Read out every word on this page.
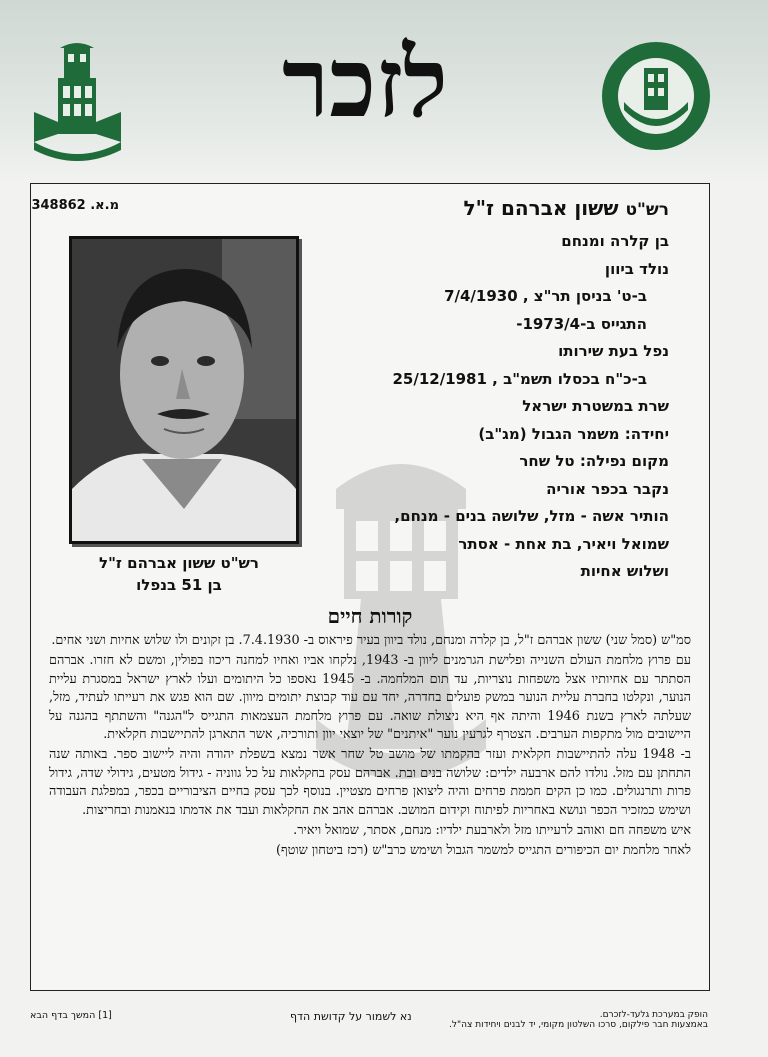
לזכר
מ.א. 348862	רש"ט ששון אברהם ז"ל
בן קלרה ומנחם
נולד ביוון
ב-ט' בניסן תר"צ , 7/4/1930
התגייס ב-1973/4-
נפל בעת שירותו
ב-כ"ח בכסלו תשמ"ב , 25/12/1981
שרת במשטרת ישראל
יחידה: משמר הגבול (מג"ב)
מקום נפילה: טל שחר
נקבר בכפר אוריה
הותיר אשה - מזל, שלושה בנים - מנחם,
שמואל ויאיר, בת אחת - אסתר
ושלוש אחיות
רש"ט ששון אברהם ז"ל
בן 51 בנפלו
קורות חיים

סמ"ש (סמל שני) ששון אברהם ז"ל, בן קלרה ומנחם, נולד ביוון בעיר פיראוס ב- 7.4.1930. בן זקונים ולו שלוש אחיות ושני אחים.

עם פרוץ מלחמת העולם השנייה ופלישת הגרמנים ליוון ב- 1943, נלקחו אביו ואחיו למחנה ריכוז בפולין, ומשם לא חזרו. אברהם הסתתר עם אחיותיו אצל משפחות נוצריות, עד תום המלחמה. ב- 1945 נאספו כל היתומים ועלו לארץ ישראל במסגרת עליית הנוער, ונקלטו בחברת עליית הנוער במשק פועלים בחדרה, יחד עם עוד קבוצת יתומים מיוון. שם הוא פגש את רעייתו לעתיד, מזל, שעלתה לארץ בשנת 1946 והיתה אף היא ניצולת שואה. עם פרוץ מלחמת העצמאות התגייס ל"הגנה" והשתתף בהגנה על היישובים מול מתקפות הערבים. הצטרף לגרעין נוער "איתנים" של יוצאי יוון ותורכיה, אשר התארגן להתיישבות חקלאית.

ב- 1948 עלה להתיישבות חקלאית ועזר בהקמתו של מושב טל שחר אשר נמצא בשפלת יהודה והיה ליישוב ספר. באותה שנה התחתן עם מזל. נולדו להם ארבעה ילדים: שלושה בנים ובת. אברהם עסק בחקלאות על כל גווניה - גידול מטעים, גידולי שדה, גידול פרות ותרנגולים. כמו כן הקים חממת פרחים והיה ליצואן פרחים מצטיין. בנוסף לכך עסק בחיים הציבוריים בכפר, במפלגת העבודה ושימש כמזכיר הכפר ונושא באחריות לפיתוח וקידום המושב. אברהם אהב את החקלאות ועבד את אדמתו בנאמנות ובחריצות.

איש משפחה חם ואוהב לרעייתו מזל ולארבעת ילדיו: מנחם, אסתר, שמואל ויאיר.

לאחר מלחמת יום הכיפורים התגייס למשמר הגבול ושימש כרב"ש (רכז ביטחון שוטף)

[1] המשך בדף הבא	נא לשמור על קדושת הדף	הופק במערכת גלעד-לזכרם.
באמצעות חבר פילקום, סרכו השלטון מקומי, יד לבנים ויחידות צה"ל.
